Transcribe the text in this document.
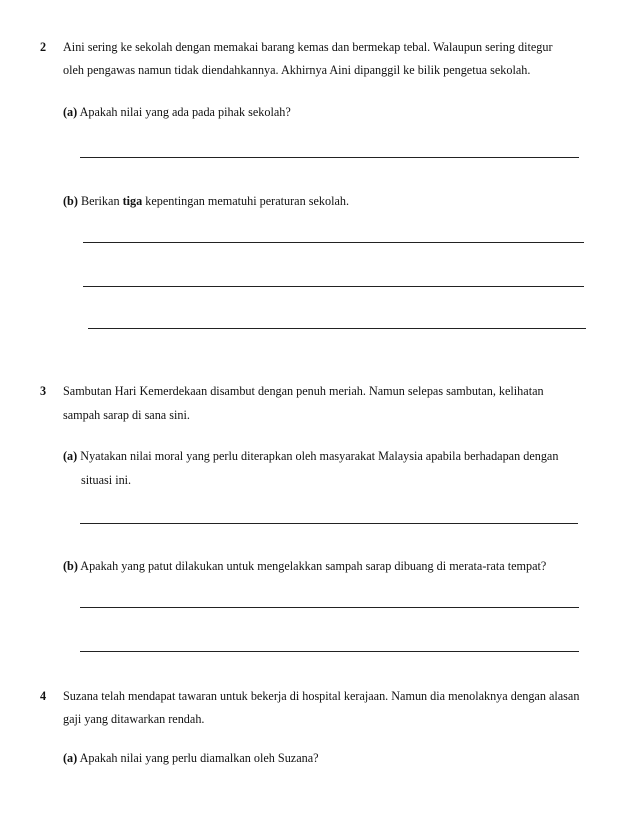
2 Aini sering ke sekolah dengan memakai barang kemas dan bermekap tebal. Walaupun sering ditegur
oleh pengawas namun tidak diendahkannya. Akhirnya Aini dipanggil ke bilik pengetua sekolah.
(a) Apakah nilai yang ada pada pihak sekolah?
(b) Berikan tiga kepentingan mematuhi peraturan sekolah.
3 Sambutan Hari Kemerdekaan disambut dengan penuh meriah. Namun selepas sambutan, kelihatan
sampah sarap di sana sini.
(a) Nyatakan nilai moral yang perlu diterapkan oleh masyarakat Malaysia apabila berhadapan dengan
situasi ini.
(b) Apakah yang patut dilakukan untuk mengelakkan sampah sarap dibuang di merata-rata tempat?
4 Suzana telah mendapat tawaran untuk bekerja di hospital kerajaan. Namun dia menolaknya dengan alasan
gaji yang ditawarkan rendah.
(a) Apakah nilai yang perlu diamalkan oleh Suzana?
